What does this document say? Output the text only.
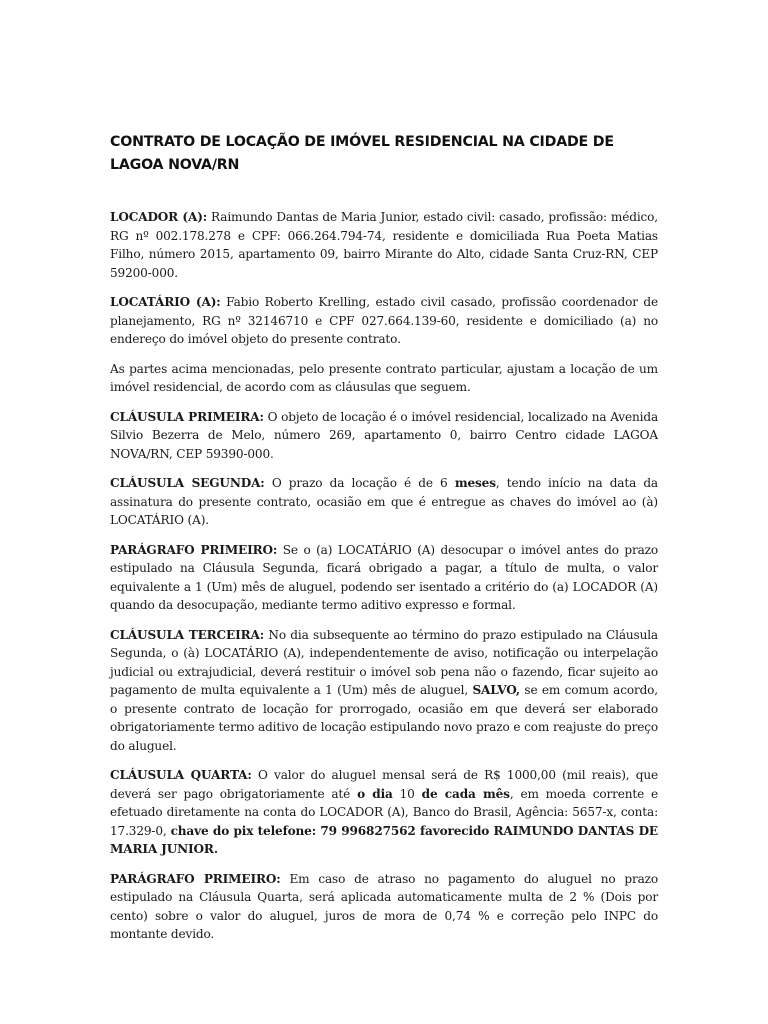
CONTRATO DE LOCAÇÃO DE IMÓVEL RESIDENCIAL NA CIDADE DE LAGOA NOVA/RN

LOCADOR (A): Raimundo Dantas de Maria Junior, estado civil: casado, profissão: médico, RG nº 002.178.278 e CPF: 066.264.794-74, residente e domiciliada Rua Poeta Matias Filho, número 2015, apartamento 09, bairro Mirante do Alto, cidade Santa Cruz-RN, CEP 59200-000.

LOCATÁRIO (A): Fabio Roberto Krelling, estado civil casado, profissão coordenador de planejamento, RG nº 32146710 e CPF 027.664.139-60, residente e domiciliado (a) no endereço do imóvel objeto do presente contrato.

As partes acima mencionadas, pelo presente contrato particular, ajustam a locação de um imóvel residencial, de acordo com as cláusulas que seguem.

CLÁUSULA PRIMEIRA: O objeto de locação é o imóvel residencial, localizado na Avenida Silvio Bezerra de Melo, número 269, apartamento 0, bairro Centro cidade LAGOA NOVA/RN, CEP 59390-000.

CLÁUSULA SEGUNDA: O prazo da locação é de 6 meses, tendo início na data da assinatura do presente contrato, ocasião em que é entregue as chaves do imóvel ao (à) LOCATÁRIO (A).

PARÁGRAFO PRIMEIRO: Se o (a) LOCATÁRIO (A) desocupar o imóvel antes do prazo estipulado na Cláusula Segunda, ficará obrigado a pagar, a título de multa, o valor equivalente a 1 (Um) mês de aluguel, podendo ser isentado a critério do (a) LOCADOR (A) quando da desocupação, mediante termo aditivo expresso e formal.

CLÁUSULA TERCEIRA: No dia subsequente ao término do prazo estipulado na Cláusula Segunda, o (à) LOCATÁRIO (A), independentemente de aviso, notificação ou interpelação judicial ou extrajudicial, deverá restituir o imóvel sob pena não o fazendo, ficar sujeito ao pagamento de multa equivalente a 1 (Um) mês de aluguel, SALVO, se em comum acordo, o presente contrato de locação for prorrogado, ocasião em que deverá ser elaborado obrigatoriamente termo aditivo de locação estipulando novo prazo e com reajuste do preço do aluguel.

CLÁUSULA QUARTA: O valor do aluguel mensal será de R$ 1000,00 (mil reais), que deverá ser pago obrigatoriamente até o dia 10 de cada mês, em moeda corrente e efetuado diretamente na conta do LOCADOR (A), Banco do Brasil, Agência: 5657-x, conta: 17.329-0, chave do pix telefone: 79 996827562 favorecido RAIMUNDO DANTAS DE MARIA JUNIOR.

PARÁGRAFO PRIMEIRO: Em caso de atraso no pagamento do aluguel no prazo estipulado na Cláusula Quarta, será aplicada automaticamente multa de 2 % (Dois por cento) sobre o valor do aluguel, juros de mora de 0,74 % e correção pelo INPC do montante devido.
